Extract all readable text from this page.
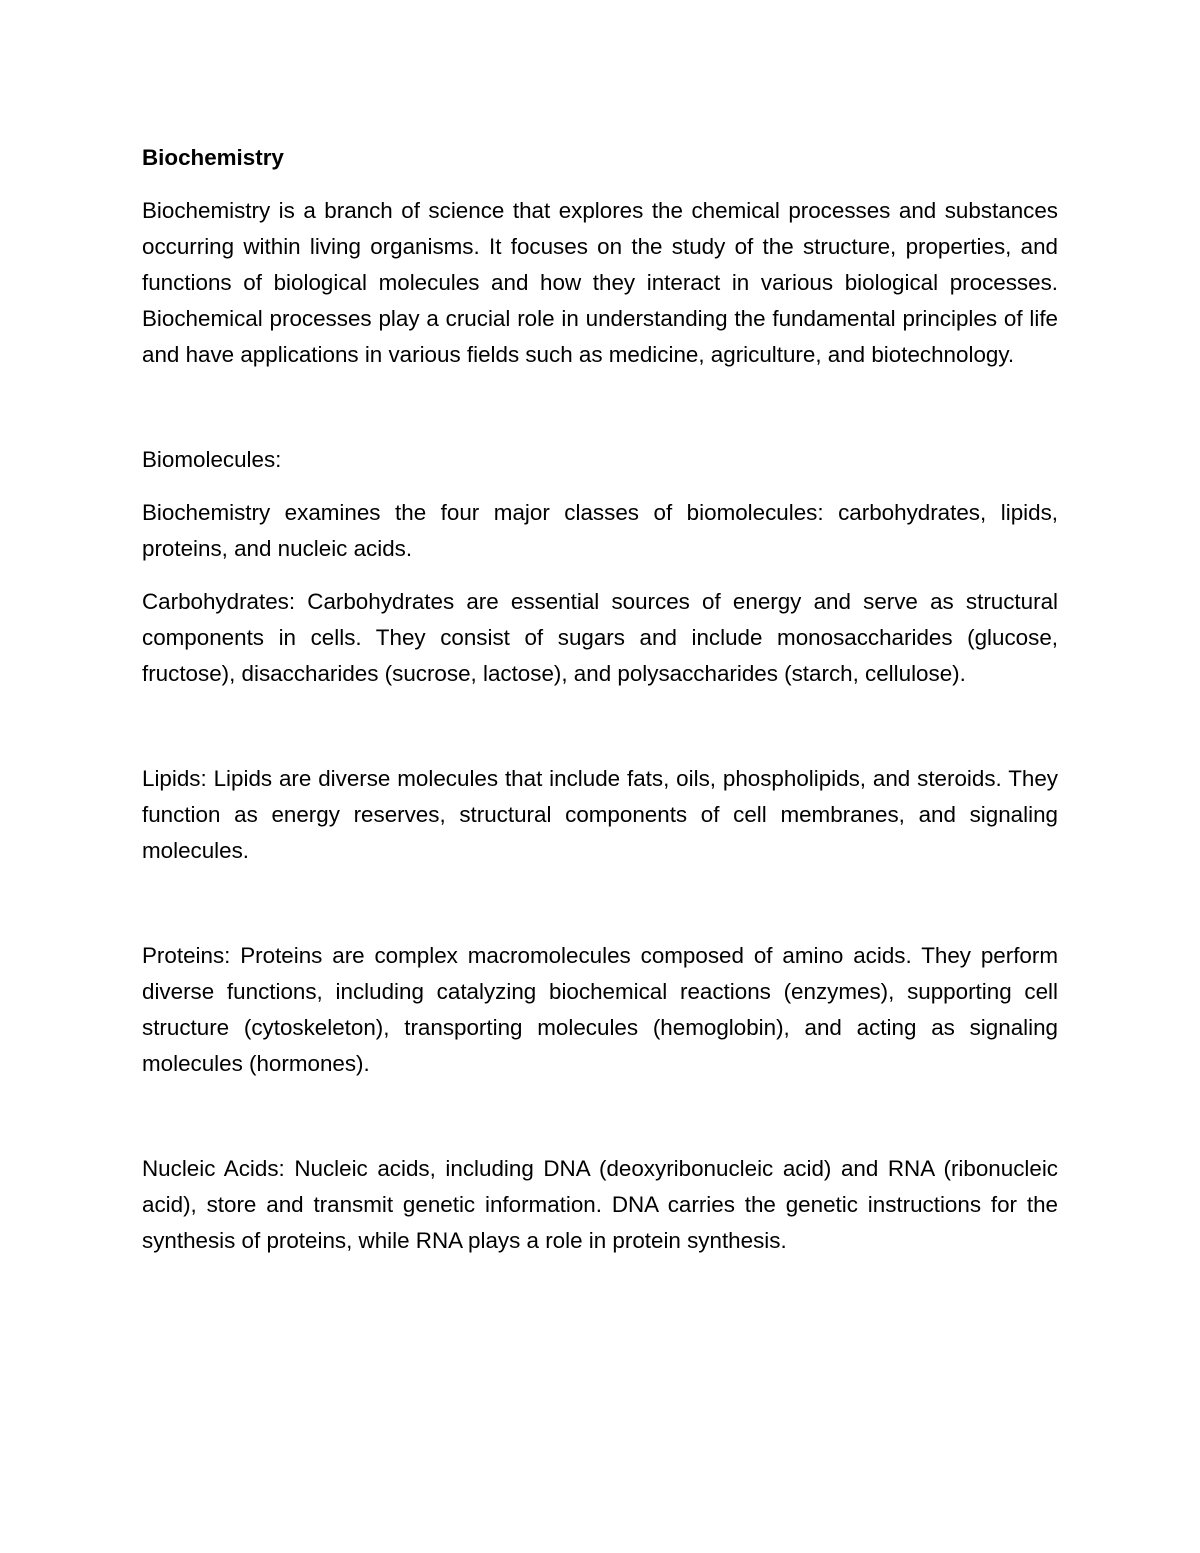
Biochemistry

Biochemistry is a branch of science that explores the chemical processes and substances occurring within living organisms. It focuses on the study of the structure, properties, and functions of biological molecules and how they interact in various biological processes. Biochemical processes play a crucial role in understanding the fundamental principles of life and have applications in various fields such as medicine, agriculture, and biotechnology.

Biomolecules:

Biochemistry examines the four major classes of biomolecules: carbohydrates, lipids, proteins, and nucleic acids.

Carbohydrates: Carbohydrates are essential sources of energy and serve as structural components in cells. They consist of sugars and include monosaccharides (glucose, fructose), disaccharides (sucrose, lactose), and polysaccharides (starch, cellulose).

Lipids: Lipids are diverse molecules that include fats, oils, phospholipids, and steroids. They function as energy reserves, structural components of cell membranes, and signaling molecules.

Proteins: Proteins are complex macromolecules composed of amino acids. They perform diverse functions, including catalyzing biochemical reactions (enzymes), supporting cell structure (cytoskeleton), transporting molecules (hemoglobin), and acting as signaling molecules (hormones).

Nucleic Acids: Nucleic acids, including DNA (deoxyribonucleic acid) and RNA (ribonucleic acid), store and transmit genetic information. DNA carries the genetic instructions for the synthesis of proteins, while RNA plays a role in protein synthesis.
